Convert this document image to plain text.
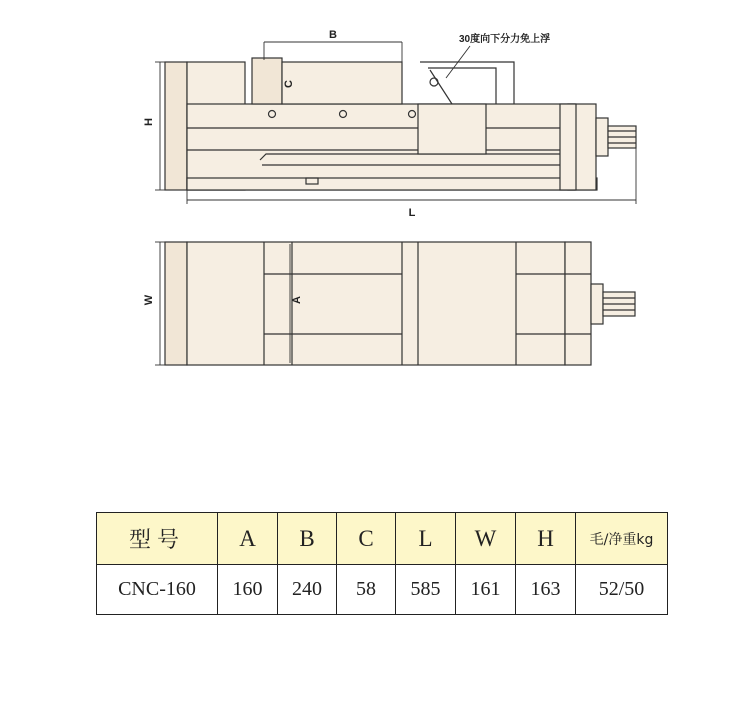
B
C
H
L
30度向下分力免上浮
W	A
型号	A	B	C	L	W	H	毛/净重kg
CNC-160	160	240	58	585	161	163	52/50
